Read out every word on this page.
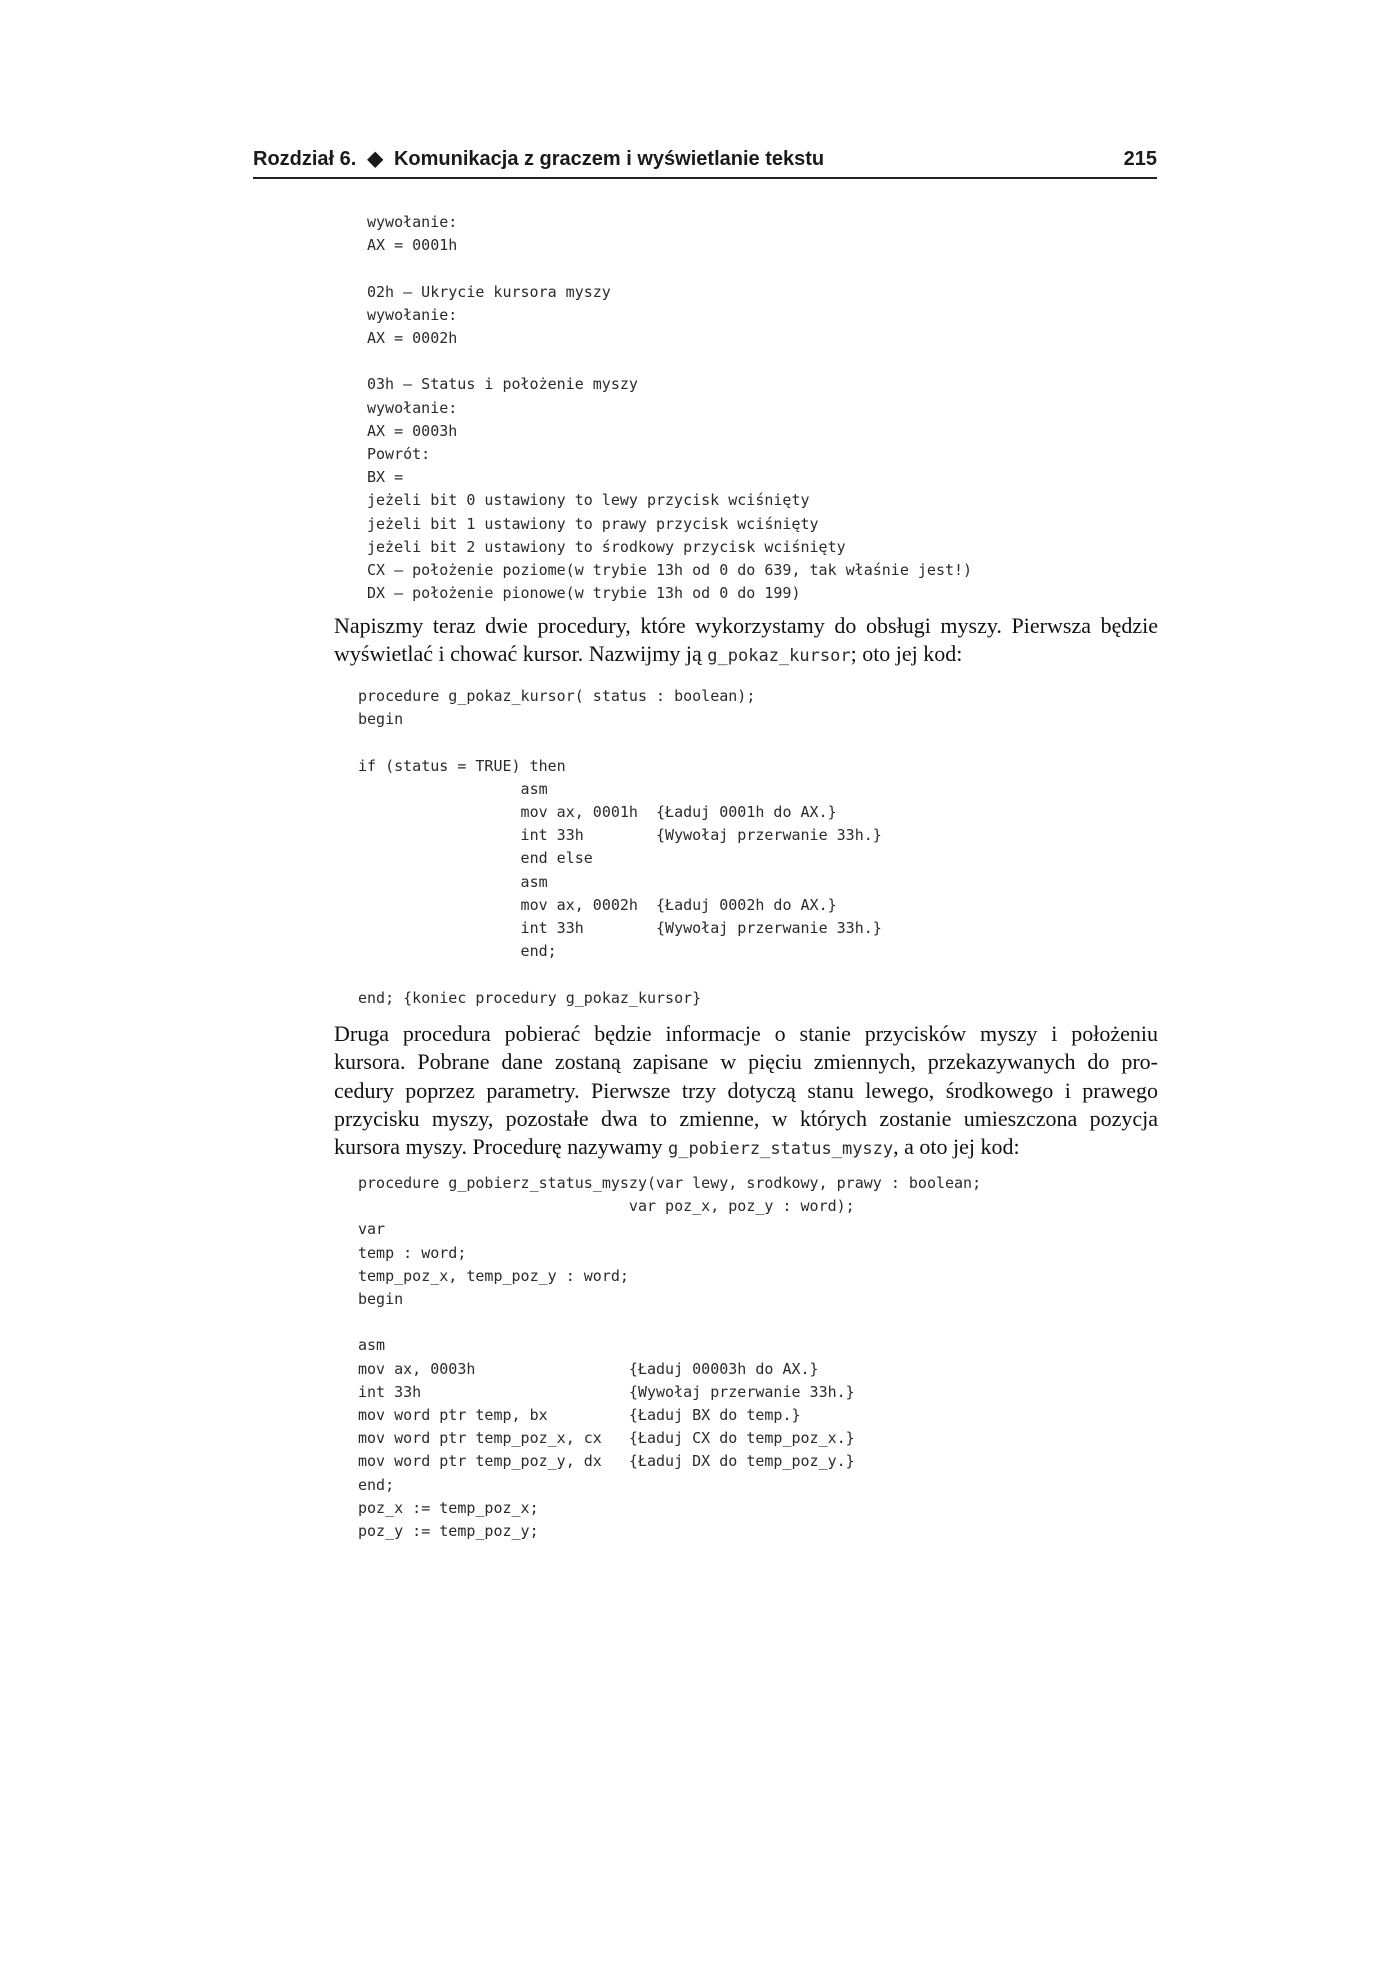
Rozdział 6.  ◆  Komunikacja z graczem i wyświetlanie tekstu	215
wywołanie:
AX = 0001h

02h – Ukrycie kursora myszy
wywołanie:
AX = 0002h

03h – Status i położenie myszy
wywołanie:
AX = 0003h
Powrót:
BX =
jeżeli bit 0 ustawiony to lewy przycisk wciśnięty
jeżeli bit 1 ustawiony to prawy przycisk wciśnięty
jeżeli bit 2 ustawiony to środkowy przycisk wciśnięty
CX – położenie poziome(w trybie 13h od 0 do 639, tak właśnie jest!)
DX – położenie pionowe(w trybie 13h od 0 do 199)

Napiszmy teraz dwie procedury, które wykorzystamy do obsługi myszy. Pierwsza będzie
wyświetlać i chować kursor. Nazwijmy ją g_pokaz_kursor; oto jej kod:

procedure g_pokaz_kursor( status : boolean);
begin

if (status = TRUE) then
asm
mov ax, 0001h  {Ładuj 0001h do AX.}
int 33h        {Wywołaj przerwanie 33h.}
end else
asm
mov ax, 0002h  {Ładuj 0002h do AX.}
int 33h        {Wywołaj przerwanie 33h.}
end;

end; {koniec procedury g_pokaz_kursor}

Druga procedura pobierać będzie informacje o stanie przycisków myszy i położeniu
kursora. Pobrane dane zostaną zapisane w pięciu zmiennych, przekazywanych do pro-
cedury poprzez parametry. Pierwsze trzy dotyczą stanu lewego, środkowego i prawego
przycisku myszy, pozostałe dwa to zmienne, w których zostanie umieszczona pozycja
kursora myszy. Procedurę nazywamy g_pobierz_status_myszy, a oto jej kod:

procedure g_pobierz_status_myszy(var lewy, srodkowy, prawy : boolean;
var poz_x, poz_y : word);
var
temp : word;
temp_poz_x, temp_poz_y : word;
begin

asm
mov ax, 0003h                 {Ładuj 00003h do AX.}
int 33h                       {Wywołaj przerwanie 33h.}
mov word ptr temp, bx         {Ładuj BX do temp.}
mov word ptr temp_poz_x, cx   {Ładuj CX do temp_poz_x.}
mov word ptr temp_poz_y, dx   {Ładuj DX do temp_poz_y.}
end;
poz_x := temp_poz_x;
poz_y := temp_poz_y;
